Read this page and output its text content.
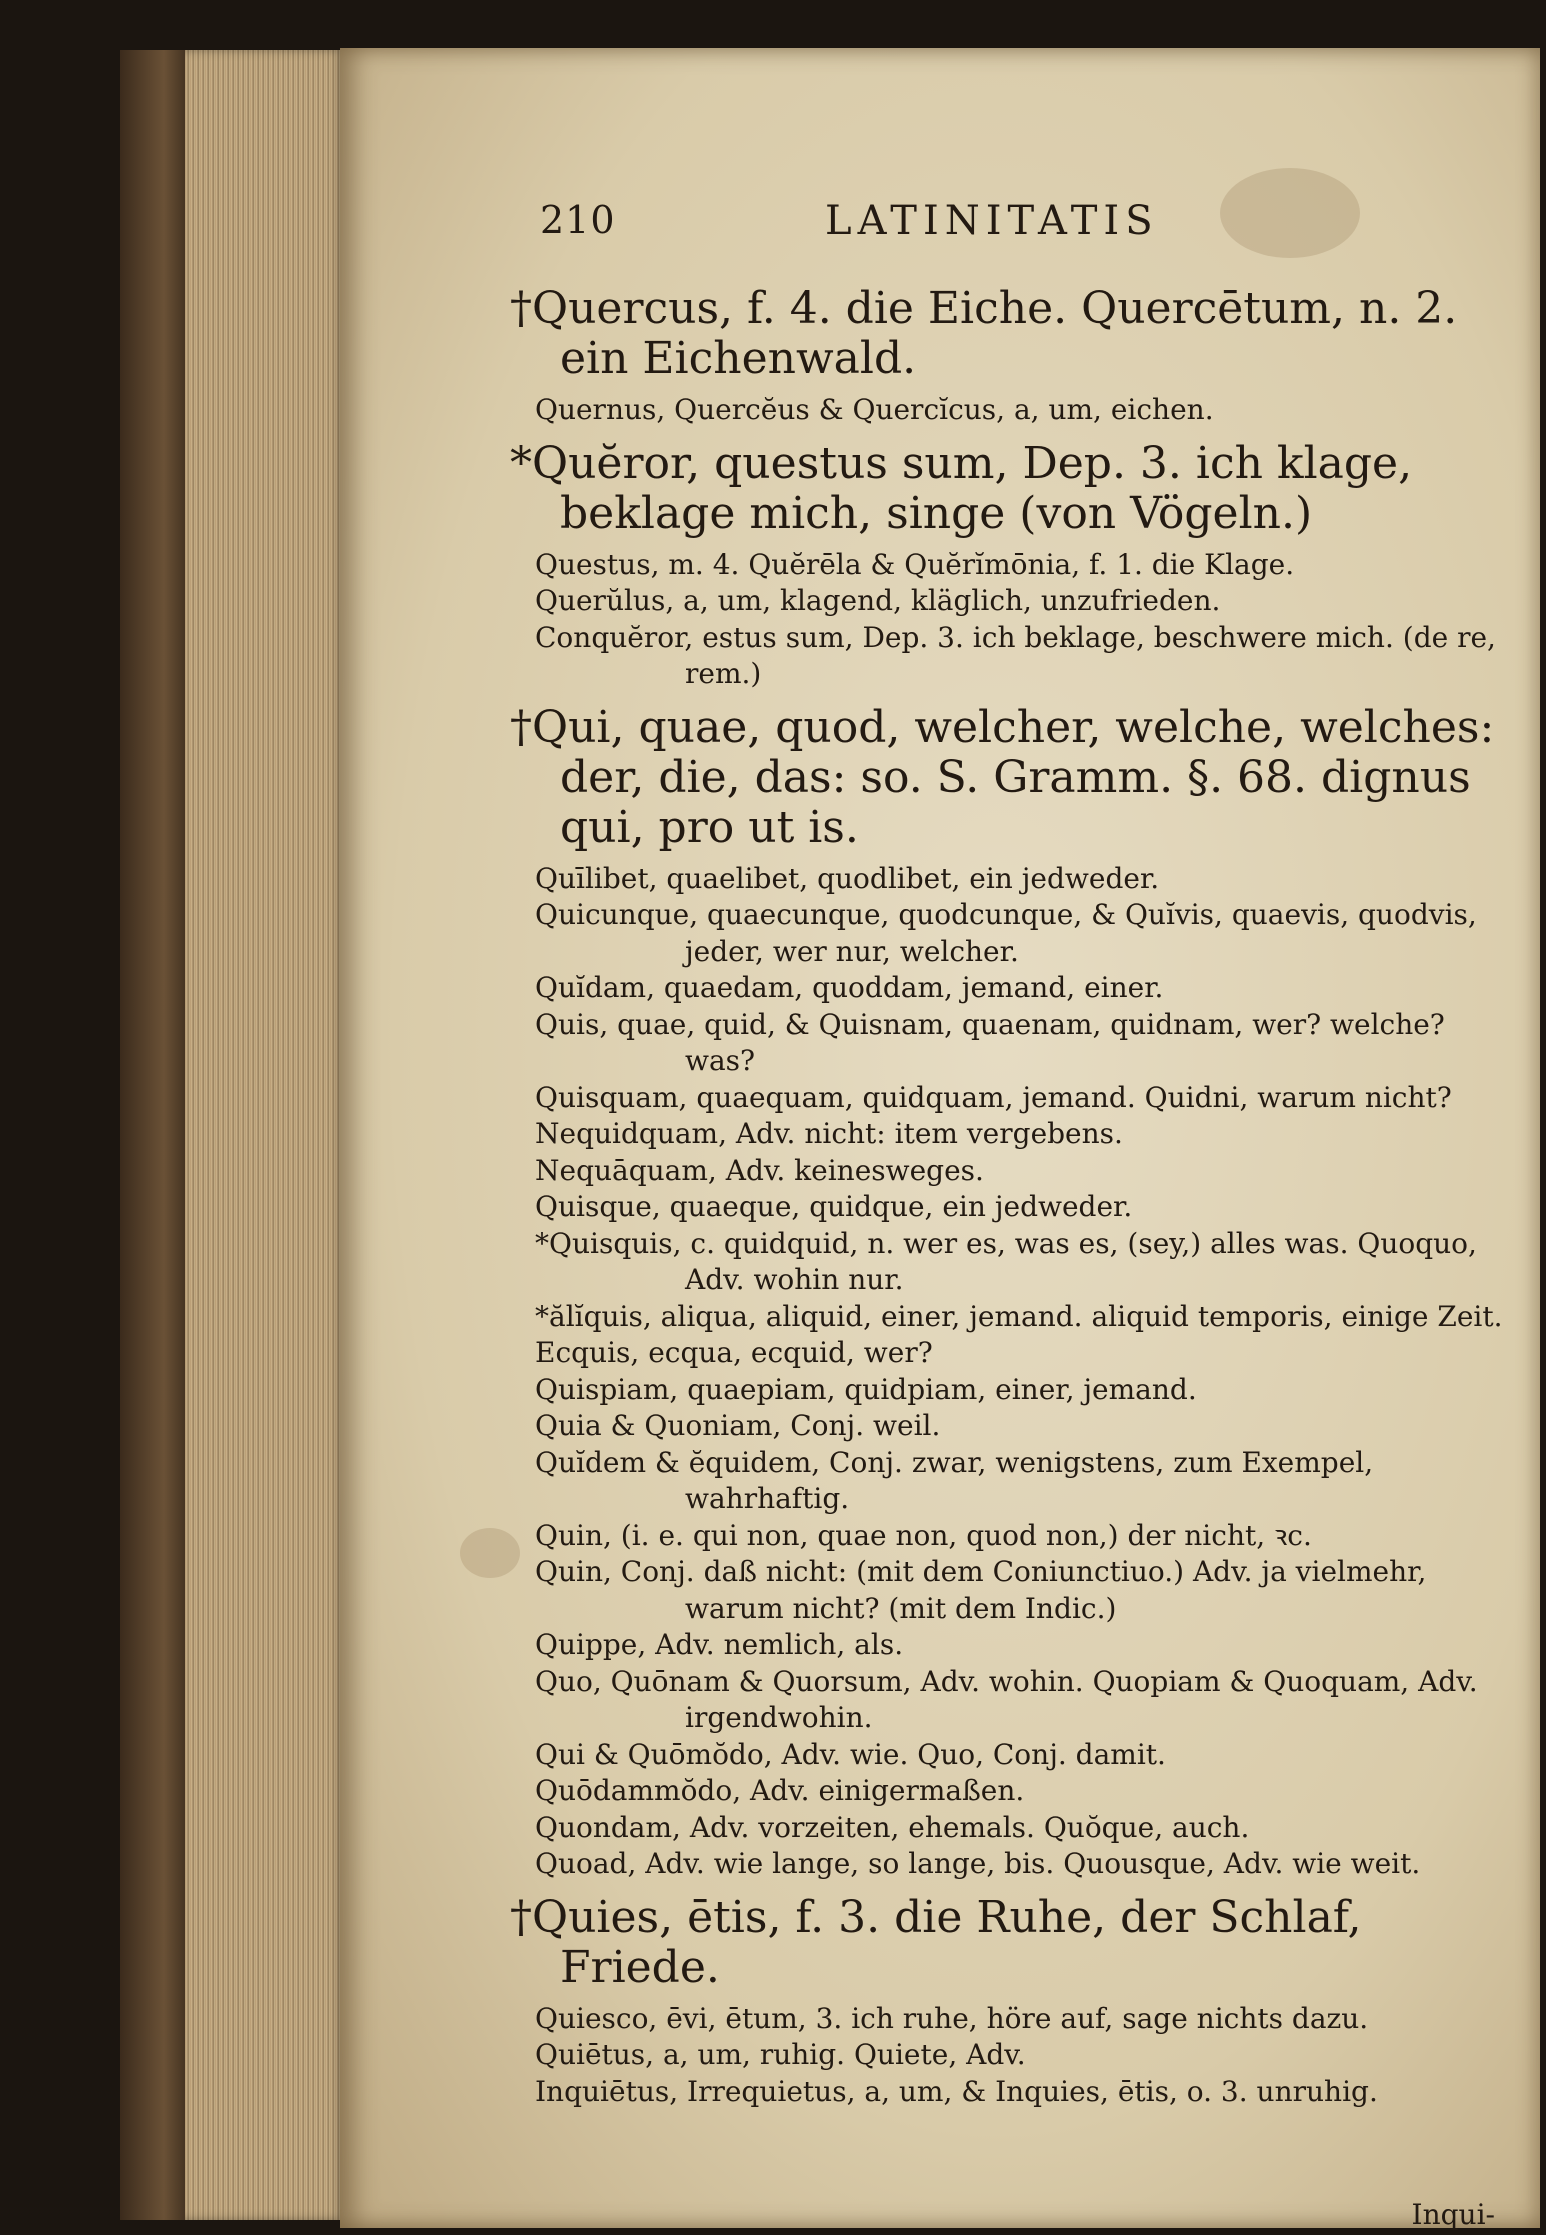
210	LATINITATIS

†Quercus, f. 4. die Eiche. Quercētum, n. 2. ein Eichenwald.

Quernus, Quercĕus & Quercĭcus, a, um, eichen.

*Quĕror, questus sum, Dep. 3. ich klage, beklage mich, singe (von Vögeln.)

Questus, m. 4. Quĕrēla & Quĕrĭmōnia, f. 1. die Klage.

Querŭlus, a, um, klagend, kläglich, unzufrieden.

Conquĕror, estus sum, Dep. 3. ich beklage, beschwere mich. (de re, rem.)

†Qui, quae, quod, welcher, welche, welches: der, die, das: so. S. Gramm. §. 68. dignus qui, pro ut is.

Quīlibet, quaelibet, quodlibet, ein jedweder.

Quicunque, quaecunque, quodcunque, & Quĭvis, quaevis, quodvis, jeder, wer nur, welcher.

Quĭdam, quaedam, quoddam, jemand, einer.

Quis, quae, quid, & Quisnam, quaenam, quidnam, wer? welche? was?

Quisquam, quaequam, quidquam, jemand. Quidni, warum nicht?

Nequidquam, Adv. nicht: item vergebens.

Nequāquam, Adv. keinesweges.

Quisque, quaeque, quidque, ein jedweder.

*Quisquis, c. quidquid, n. wer es, was es, (sey,) alles was. Quoquo, Adv. wohin nur.

*ălĭquis, aliqua, aliquid, einer, jemand. aliquid temporis, einige Zeit.

Ecquis, ecqua, ecquid, wer?

Quispiam, quaepiam, quidpiam, einer, jemand.

Quia & Quoniam, Conj. weil.

Quĭdem & ĕquidem, Conj. zwar, wenigstens, zum Exempel, wahrhaftig.

Quin, (i. e. qui non, quae non, quod non,) der nicht, ꝛc.

Quin, Conj. daß nicht: (mit dem Coniunctiuo.) Adv. ja vielmehr, warum nicht? (mit dem Indic.)

Quippe, Adv. nemlich, als.

Quo, Quōnam & Quorsum, Adv. wohin. Quopiam & Quoquam, Adv. irgendwohin.

Qui & Quōmŏdo, Adv. wie. Quo, Conj. damit.

Quōdammŏdo, Adv. einigermaßen.

Quondam, Adv. vorzeiten, ehemals. Quŏque, auch.

Quoad, Adv. wie lange, so lange, bis. Quousque, Adv. wie weit.

†Quies, ētis, f. 3. die Ruhe, der Schlaf, Friede.

Quiesco, ēvi, ētum, 3. ich ruhe, höre auf, sage nichts dazu.

Quiētus, a, um, ruhig. Quiete, Adv.

Inquiētus, Irrequietus, a, um, & Inquies, ētis, o. 3. unruhig.

Inqui-
